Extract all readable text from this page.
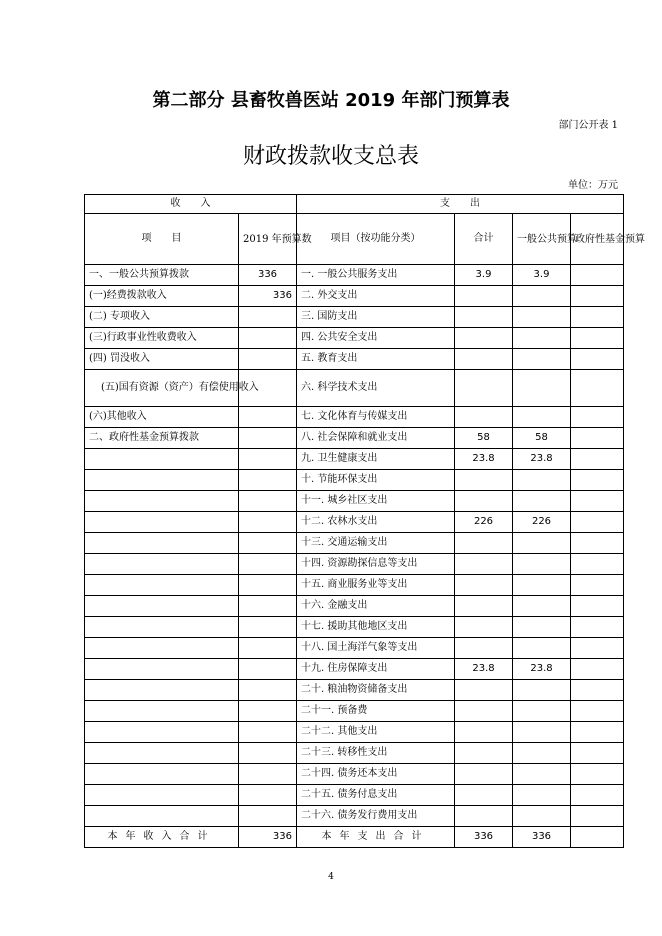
第二部分 县畜牧兽医站 2019 年部门预算表
部门公开表 1
财政拨款收支总表
单位：万元
收　　入		支　　出			
项　　目	2019 年预算数	项目（按功能分类）	合计	一般公共预算	政府性基金预算
一、一般公共预算拨款	336	一. 一般公共服务支出	3.9	3.9	
(一)经费拨款收入	336	二. 外交支出			
(二) 专项收入		三. 国防支出			
(三)行政事业性收费收入		四. 公共安全支出			
(四) 罚没收入		五. 教育支出			
(五)国有资源（资产）有偿使用收入		六. 科学技术支出			
(六)其他收入		七. 文化体育与传媒支出			
二、政府性基金预算拨款		八. 社会保障和就业支出	58	58	
		九. 卫生健康支出	23.8	23.8	
		十. 节能环保支出			
		十一. 城乡社区支出			
		十二. 农林水支出	226	226	
		十三. 交通运输支出			
		十四. 资源勘探信息等支出			
		十五. 商业服务业等支出			
		十六. 金融支出			
		十七. 援助其他地区支出			
		十八. 国土海洋气象等支出			
		十九. 住房保障支出	23.8	23.8	
		二十. 粮油物资储备支出			
		二十一. 预备费			
		二十二. 其他支出			
		二十三. 转移性支出			
		二十四. 债务还本支出			
		二十五. 债务付息支出			
		二十六. 债务发行费用支出			
本年收入合计	336	本年支出合计	336	336	
4
